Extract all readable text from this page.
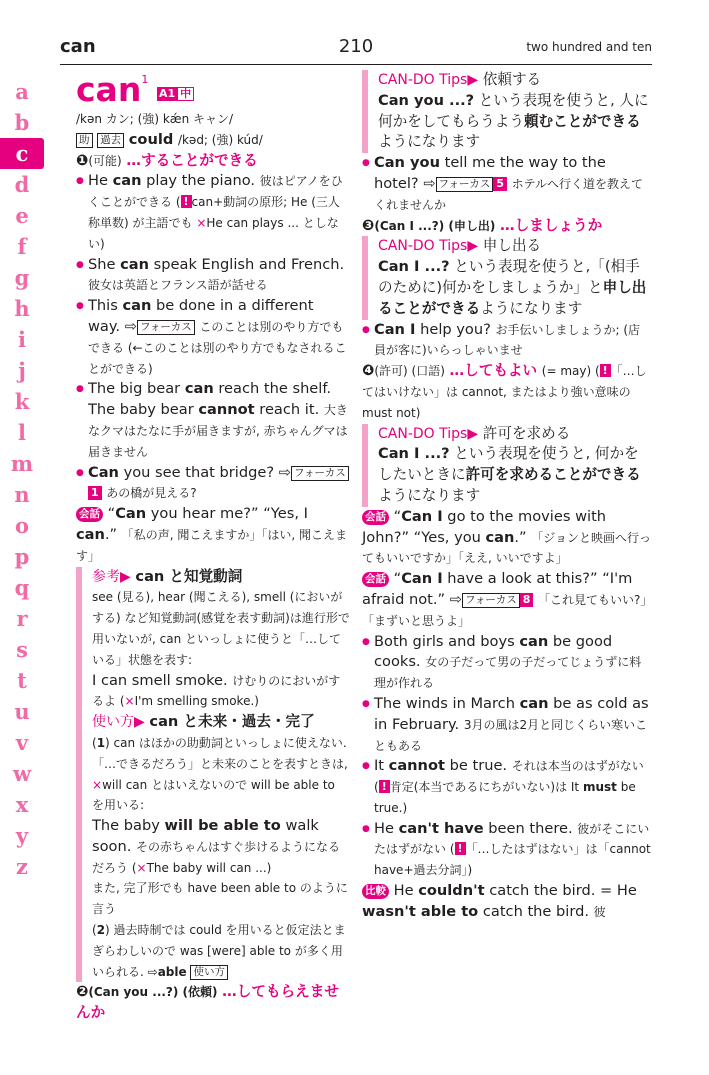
can	210	two hundred and ten
a
b
c
d
e
f
g
h
i
j
k
l
m
n
o
p
q
r
s
t
u
v
w
x
y
z

can$^1$ A1 中

/kən カン; (強) kǽn キャン/

助 過去 could /kəd; (強) kúd/

❶(可能) …することができる

● He can play the piano. 彼はピアノをひくことができる ( ! can+動詞の原形; He (三人称単数) が主語でも ×He can plays ... としない)

● She can speak English and French. 彼女は英語とフランス語が話せる

● This can be done in a different way. ⇨ フォーカス このことは別のやり方でもできる (←このことは別のやり方でもなされることができる)

● The big bear can reach the shelf. The baby bear cannot reach it. 大きなクマはたなに手が届きますが, 赤ちゃんグマは届きません

● Can you see that bridge? ⇨ フォーカス 1 あの橋が見える?

会話 “Can you hear me?” “Yes, I can.” 「私の声, 聞こえますか」「はい, 聞こえます」

参考▶ can と知覚動詞

see (見る), hear (聞こえる), smell (においがする) など知覚動詞(感覚を表す動詞)は進行形で用いないが, can といっしょに使うと「…している」状態を表す:

I can smell smoke. けむりのにおいがするよ (×I'm smelling smoke.)

使い方▶ can と未来・過去・完了

(1) can はほかの助動詞といっしょに使えない.「…できるだろう」と未来のことを表すときは, ×will can とはいえないので will be able to を用いる:

The baby will be able to walk soon. その赤ちゃんはすぐ歩けるようになるだろう (×The baby will can ...)

また, 完了形でも have been able to のように言う

(2) 過去時制では could を用いると仮定法とまぎらわしいので was [were] able to が多く用いられる. ⇨able 使い方

❷(Can you ...?) (依頼) …してもらえませんか

CAN-DO Tips▶ 依頼する

Can you ...? という表現を使うと, 人に何かをしてもらうよう頼むことができるようになります

● Can you tell me the way to the hotel? ⇨ フォーカス 5 ホテルへ行く道を教えてくれませんか

❸(Can I ...?) (申し出) …しましょうか

CAN-DO Tips▶ 申し出る

Can I ...? という表現を使うと,「(相手のために)何かをしましょうか」と申し出ることができるようになります

● Can I help you? お手伝いしましょうか; (店員が客に)いらっしゃいませ

❹(許可) (口語) …してもよい (= may) ( ! 「…してはいけない」は cannot, またはより強い意味の must not)

CAN-DO Tips▶ 許可を求める

Can I ...? という表現を使うと, 何かをしたいときに許可を求めることができるようになります

会話 “Can I go to the movies with John?” “Yes, you can.” 「ジョンと映画へ行ってもいいですか」「ええ, いいですよ」

会話 “Can I have a look at this?” “I'm afraid not.” ⇨ フォーカス 8 「これ見てもいい?」「まずいと思うよ」

● Both girls and boys can be good cooks. 女の子だって男の子だってじょうずに料理が作れる

● The winds in March can be as cold as in February. 3月の風は2月と同じくらい寒いこともある

● It cannot be true. それは本当のはずがない ( ! 肯定(本当であるにちがいない)は It must be true.)

● He can't have been there. 彼がそこにいたはずがない ( ! 「…したはずはない」は「cannot have+過去分詞」)

比較 He couldn't catch the bird. = He wasn't able to catch the bird. 彼
